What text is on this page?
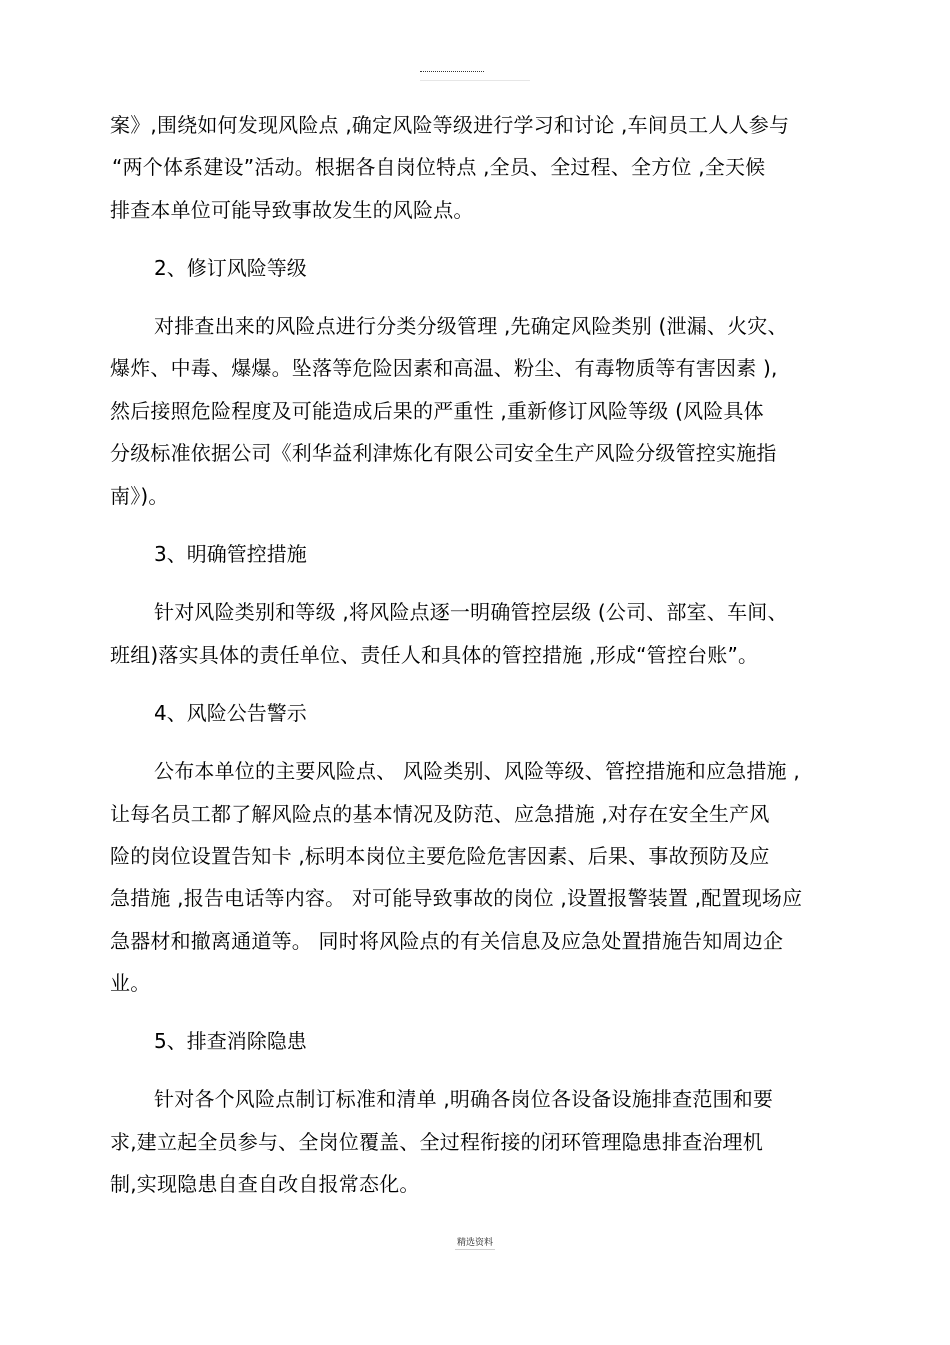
案》,围绕如何发现风险点 ,确定风险等级进行学习和讨论 ,车间员工人人参与
“两个体系建设”活动。根据各自岗位特点 ,全员、全过程、全方位 ,全天候
排查本单位可能导致事故发生的风险点。
2、修订风险等级
对排查出来的风险点进行分类分级管理 ,先确定风险类别 (泄漏、火灾、
爆炸、中毒、爆爆。坠落等危险因素和高温、粉尘、有毒物质等有害因素 ),
然后接照危险程度及可能造成后果的严重性 ,重新修订风险等级 (风险具体
分级标准依据公司《利华益利津炼化有限公司安全生产风险分级管控实施指
南》)。
3、明确管控措施
针对风险类别和等级 ,将风险点逐一明确管控层级 (公司、部室、车间、
班组)落实具体的责任单位、责任人和具体的管控措施 ,形成“管控台账”。
4、风险公告警示
公布本单位的主要风险点、 风险类别、风险等级、管控措施和应急措施 ,
让每名员工都了解风险点的基本情况及防范、应急措施 ,对存在安全生产风
险的岗位设置告知卡 ,标明本岗位主要危险危害因素、后果、事故预防及应
急措施 ,报告电话等内容。 对可能导致事故的岗位 ,设置报警装置 ,配置现场应
急器材和撤离通道等。 同时将风险点的有关信息及应急处置措施告知周边企
业。
5、排查消除隐患
针对各个风险点制订标准和清单 ,明确各岗位各设备设施排查范围和要
求,建立起全员参与、全岗位覆盖、全过程衔接的闭环管理隐患排查治理机
制,实现隐患自查自改自报常态化。
精选资料
